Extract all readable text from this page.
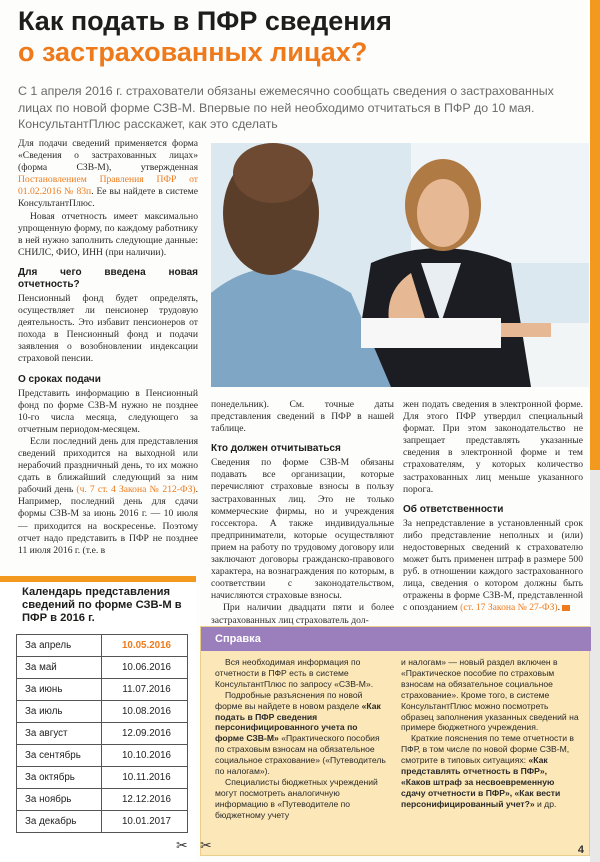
Как подать в ПФР сведения
о застрахованных лицах?
С 1 апреля 2016 г. страхователи обязаны ежемесячно сообщать сведения о застрахованных лицах по новой форме СЗВ-М. Впервые по ней необходимо отчитаться в ПФР до 10 мая. КонсультантПлюс расскажет, как это сделать

Для подачи сведений применяется форма «Сведения о застрахованных лицах» (форма СЗВ-М), утвержденная Постановлением Правления ПФР от 01.02.2016 № 83п. Ее вы найдете в системе КонсультантПлюс.

Новая отчетность имеет максимально упрощенную форму, по каждому работнику в ней нужно заполнить следующие данные: СНИЛС, ФИО, ИНН (при наличии).

Для чего введена новая отчетность?

Пенсионный фонд будет определять, осуществляет ли пенсионер трудовую деятельность. Это избавит пенсионеров от похода в Пенсионный фонд и подачи заявления о возобновлении индексации страховой пенсии.

О сроках подачи

Представить информацию в Пенсионный фонд по форме СЗВ-М нужно не позднее 10-го числа месяца, следующего за отчетным периодом-месяцем.

Если последний день для представления сведений приходится на выходной или нерабочий праздничный день, то их можно сдать в ближайший следующий за ним рабочий день (ч. 7 ст. 4 Закона № 212-ФЗ). Например, последний день для сдачи формы СЗВ-М за июнь 2016 г. — 10 июля — приходится на воскресенье. Поэтому отчет надо представить в ПФР не позднее 11 июля 2016 г. (т.е. в

понедельник). См. точные даты представления сведений в ПФР в нашей таблице.

Кто должен отчитываться

Сведения по форме СЗВ-М обязаны подавать все организации, которые перечисляют страховые взносы в пользу застрахованных лиц. Это не только коммерческие фирмы, но и учреждения госсектора. А также индивидуальные предприниматели, которые осуществляют прием на работу по трудовому договору или заключают договоры гражданско-правового характера, на вознаграждения по которым, в соответствии с законодательством, начисляются страховые взносы.

При наличии двадцати пяти и более застрахованных лиц страхователь дол-

жен подать сведения в электронной форме. Для этого ПФР утвердил специальный формат. При этом законодательство не запрещает представлять указанные сведения в электронной форме и тем страхователям, у которых количество застрахованных лиц меньше указанного порога.

Об ответственности

За непредставление в установленный срок либо представление неполных и (или) недостоверных сведений к страхователю может быть применен штраф в размере 500 руб. в отношении каждого застрахованного лица, сведения о котором должны быть отражены в форме СЗВ-М, представленной с опозданием (ст. 17 Закона № 27-ФЗ).

Календарь представления сведений по форме СЗВ-М в ПФР в 2016 г.
За апрель	10.05.2016
За май	10.06.2016
За июнь	11.07.2016
За июль	10.08.2016
За август	12.09.2016
За сентябрь	10.10.2016
За октябрь	10.11.2016
За ноябрь	12.12.2016
За декабрь	10.01.2017
Справка

Вся необходимая информация по отчетности в ПФР есть в системе КонсультантПлюс по запросу «СЗВ-М».

Подробные разъяснения по новой форме вы найдете в новом разделе «Как подать в ПФР сведения персонифицированного учета по форме СЗВ-М» «Практического пособия по страховым взносам на обязательное социальное страхование» («Путеводитель по налогам»).

Специалисты бюджетных учреждений могут посмотреть аналогичную информацию в «Путеводителе по бюджетному учету

и налогам» — новый раздел включен в «Практическое пособие по страховым взносам на обязательное социальное страхование». Кроме того, в системе КонсультантПлюс можно посмотреть образец заполнения указанных сведений на примере бюджетного учреждения.

Краткие пояснения по теме отчетности в ПФР, в том числе по новой форме СЗВ-М, смотрите в типовых ситуациях: «Как представлять отчетность в ПФР», «Каков штраф за несвоевременную сдачу отчетности в ПФР», «Как вести персонифицированный учет?» и др.

✂ ✂	4
